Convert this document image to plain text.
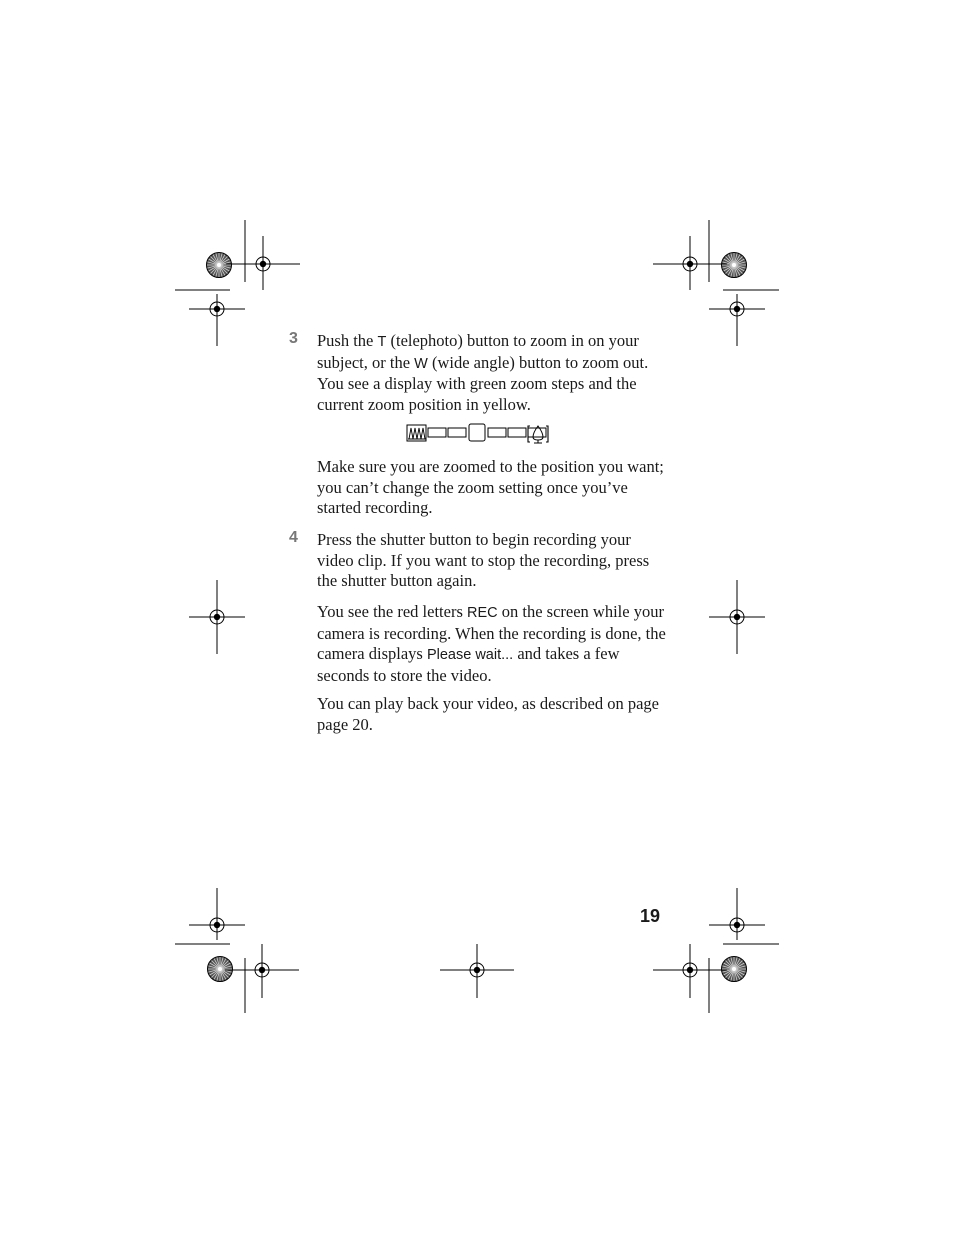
3 Push the T (telephoto) button to zoom in on your subject, or the W (wide angle) button to zoom out. You see a display with green zoom steps and the current zoom position in yellow.

Make sure you are zoomed to the position you want; you can’t change the zoom setting once you’ve started recording.

4 Press the shutter button to begin recording your video clip. If you want to stop the recording, press the shutter button again.

You see the red letters REC on the screen while your camera is recording. When the recording is done, the camera displays Please wait... and takes a few seconds to store the video.

You can play back your video, as described on page page 20.

19
